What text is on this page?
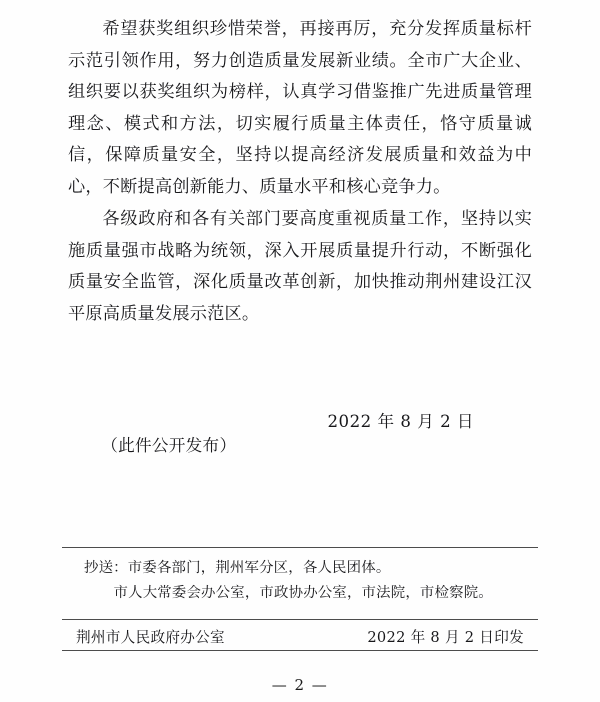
希望获奖组织珍惜荣誉，再接再厉，充分发挥质量标杆示范引领作用，努力创造质量发展新业绩。全市广大企业、组织要以获奖组织为榜样，认真学习借鉴推广先进质量管理理念、模式和方法，切实履行质量主体责任，恪守质量诚信，保障质量安全，坚持以提高经济发展质量和效益为中心，不断提高创新能力、质量水平和核心竞争力。

各级政府和各有关部门要高度重视质量工作，坚持以实施质量强市战略为统领，深入开展质量提升行动，不断强化质量安全监管，深化质量改革创新，加快推动荆州建设江汉平原高质量发展示范区。

2022 年 8 月 2 日
（此件公开发布）
抄送：市委各部门，荆州军分区，各人民团体。
市人大常委会办公室，市政协办公室，市法院，市检察院。
荆州市人民政府办公室	2022 年 8 月 2 日印发
— 2 —
